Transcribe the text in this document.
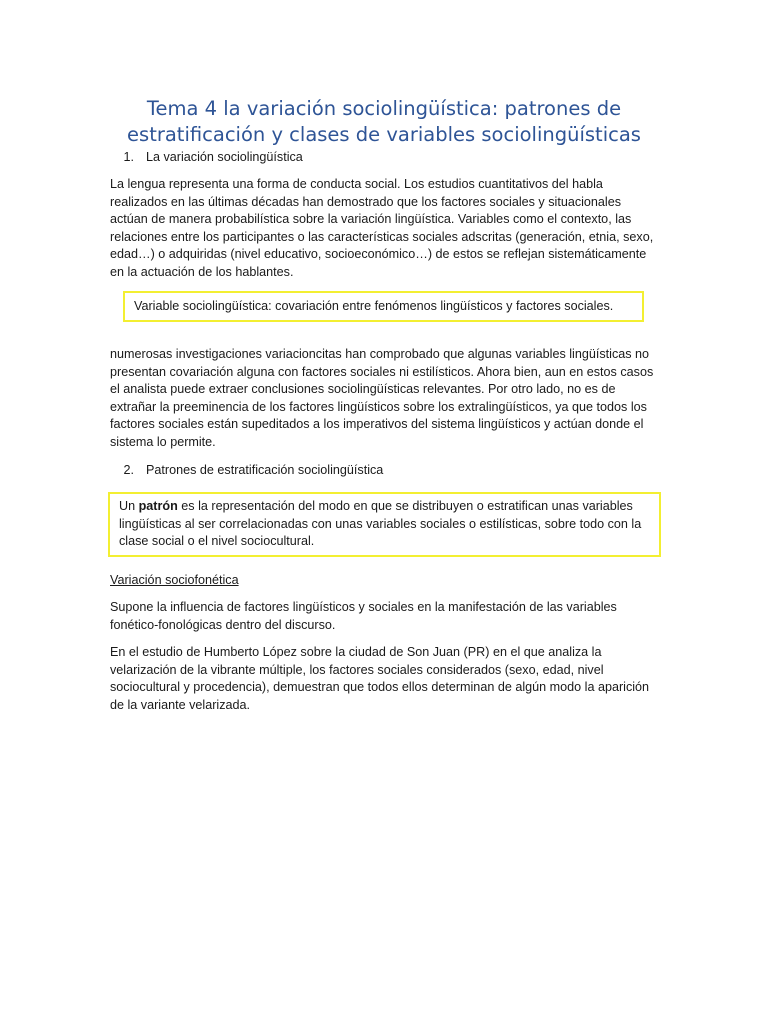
Tema 4 la variación sociolingüística: patrones de
estratificación y clases de variables sociolingüísticas
1. La variación sociolingüística

La lengua representa una forma de conducta social. Los estudios cuantitativos del habla realizados en las últimas décadas han demostrado que los factores sociales y situacionales actúan de manera probabilística sobre la variación lingüística. Variables como el contexto, las relaciones entre los participantes o las características sociales adscritas (generación, etnia, sexo, edad…) o adquiridas (nivel educativo, socioeconómico…) de estos se reflejan sistemáticamente en la actuación de los hablantes.

Variable sociolingüística: covariación entre fenómenos lingüísticos y factores sociales.

numerosas investigaciones variacioncitas han comprobado que algunas variables lingüísticas no presentan covariación alguna con factores sociales ni estilísticos. Ahora bien, aun en estos casos el analista puede extraer conclusiones sociolingüísticas relevantes. Por otro lado, no es de extrañar la preeminencia de los factores lingüísticos sobre los extralingüísticos, ya que todos los factores sociales están supeditados a los imperativos del sistema lingüísticos y actúan donde el sistema lo permite.

2. Patrones de estratificación sociolingüística
Un patrón es la representación del modo en que se distribuyen o estratifican unas variables lingüísticas al ser correlacionadas con unas variables sociales o estilísticas, sobre todo con la clase social o el nivel sociocultural.
Variación sociofonética

Supone la influencia de factores lingüísticos y sociales en la manifestación de las variables fonético-fonológicas dentro del discurso.

En el estudio de Humberto López sobre la ciudad de Son Juan (PR) en el que analiza la velarización de la vibrante múltiple, los factores sociales considerados (sexo, edad, nivel sociocultural y procedencia), demuestran que todos ellos determinan de algún modo la aparición de la variante velarizada.
